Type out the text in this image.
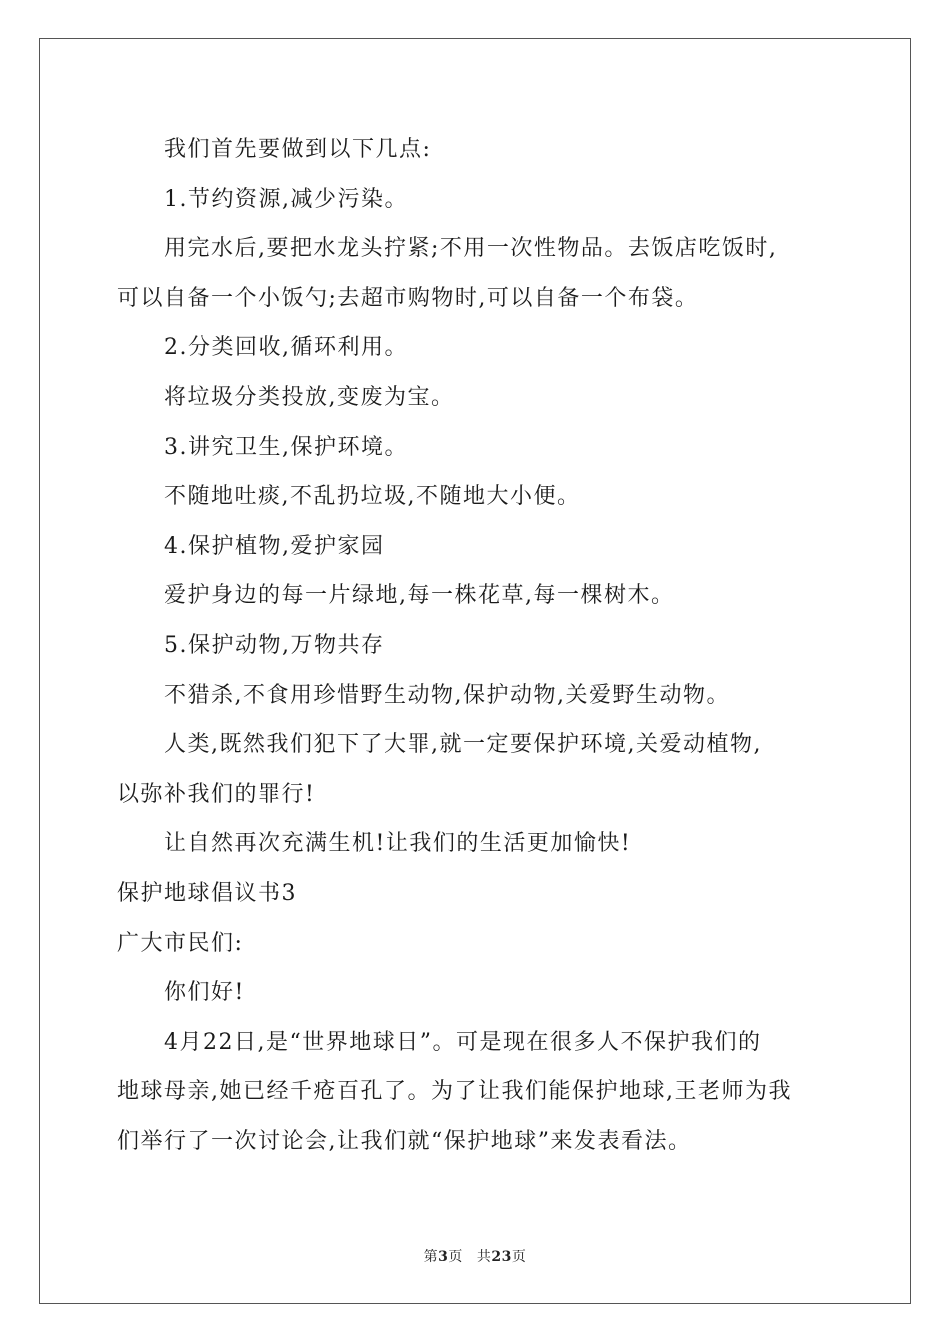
我们首先要做到以下几点:
1.节约资源,减少污染。
用完水后,要把水龙头拧紧;不用一次性物品。去饭店吃饭时,
可以自备一个小饭勺;去超市购物时,可以自备一个布袋。
2.分类回收,循环利用。
将垃圾分类投放,变废为宝。
3.讲究卫生,保护环境。
不随地吐痰,不乱扔垃圾,不随地大小便。
4.保护植物,爱护家园
爱护身边的每一片绿地,每一株花草,每一棵树木。
5.保护动物,万物共存
不猎杀,不食用珍惜野生动物,保护动物,关爱野生动物。
人类,既然我们犯下了大罪,就一定要保护环境,关爱动植物,
以弥补我们的罪行!
让自然再次充满生机!让我们的生活更加愉快!
保护地球倡议书3
广大市民们:
你们好!
4月22日,是“世界地球日”。可是现在很多人不保护我们的
地球母亲,她已经千疮百孔了。为了让我们能保护地球,王老师为我
们举行了一次讨论会,让我们就“保护地球”来发表看法。
第3页 共23页
